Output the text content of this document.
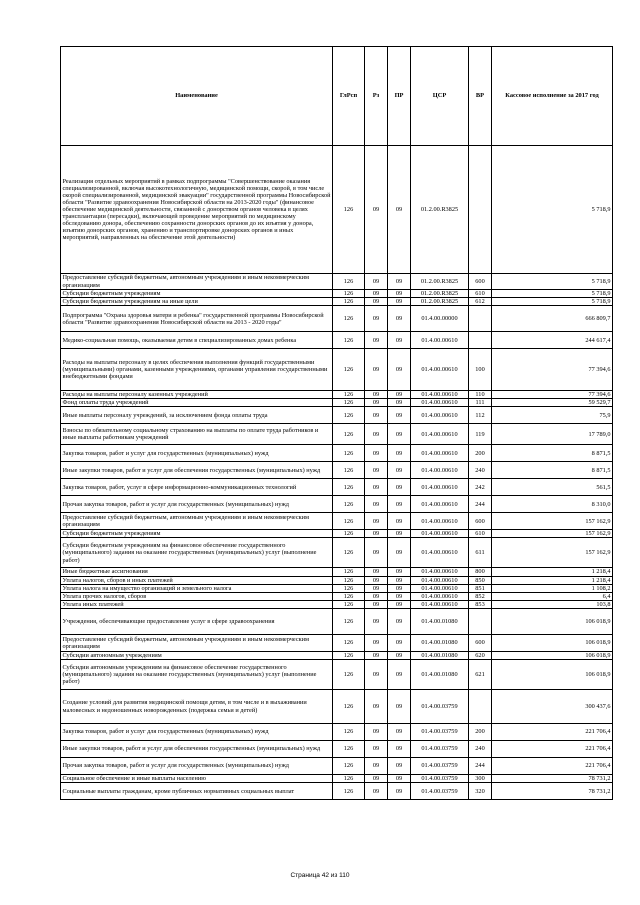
Наименование	ГлРсп	Рз	ПР	ЦСР	ВР	Кассовое исполнение за 2017 год
Реализация отдельных мероприятий в рамках подпрограммы "Совершенствование оказания специализированной, включая высокотехнологичную, медицинской помощи, скорой, в том числе скорой специализированной, медицинской эвакуации" государственной программы Новосибирской области "Развитие здравоохранения Новосибирской области на 2013-2020 годы" (финансовое обеспечение медицинской деятельности, связанной с донорством органов человека в целях трансплантации (пересадки), включающей проведение мероприятий по медицинскому обследованию донора, обеспечению сохранности донорских органов до их изъятия у донора, изъятию донорских органов, хранению и транспортировке донорских органов и иных мероприятий, направленных на обеспечение этой деятельности)	126	09	09	01.2.00.R3825		5 718,9
Предоставление субсидий бюджетным, автономным учреждениям и иным некоммерческим организациям	126	09	09	01.2.00.R3825	600	5 718,9
Субсидии бюджетным учреждениям	126	09	09	01.2.00.R3825	610	5 718,9
Субсидии бюджетным учреждениям на иные цели	126	09	09	01.2.00.R3825	612	5 718,9
Подпрограмма "Охрана здоровья матери и ребенка" государственной программы Новосибирской области "Развитие здравоохранения Новосибирской области на 2013 - 2020 годы"	126	09	09	01.4.00.00000		666 809,7
Медико-социальная помощь, оказываемая детям в специализированных домах ребенка	126	09	09	01.4.00.00610		244 617,4
Расходы на выплаты персоналу в целях обеспечения выполнения функций государственными (муниципальными) органами, казенными учреждениями, органами управления государственными внебюджетными фондами	126	09	09	01.4.00.00610	100	77 394,6
Расходы на выплаты персоналу казенных учреждений	126	09	09	01.4.00.00610	110	77 394,6
Фонд оплаты труда учреждений	126	09	09	01.4.00.00610	111	59 529,7
Иные выплаты персоналу учреждений, за исключением фонда оплаты труда	126	09	09	01.4.00.00610	112	75,9
Взносы по обязательному социальному страхованию на выплаты по оплате труда работников и иные выплаты работникам учреждений	126	09	09	01.4.00.00610	119	17 789,0
Закупка товаров, работ и услуг для государственных (муниципальных) нужд	126	09	09	01.4.00.00610	200	8 871,5
Иные закупки товаров, работ и услуг для обеспечения государственных (муниципальных) нужд	126	09	09	01.4.00.00610	240	8 871,5
Закупка товаров, работ, услуг в сфере информационно-коммуникационных технологий	126	09	09	01.4.00.00610	242	561,5
Прочая закупка товаров, работ и услуг для государственных (муниципальных) нужд	126	09	09	01.4.00.00610	244	8 310,0
Предоставление субсидий бюджетным, автономным учреждениям и иным некоммерческим организациям	126	09	09	01.4.00.00610	600	157 162,9
Субсидии бюджетным учреждениям	126	09	09	01.4.00.00610	610	157 162,9
Субсидии бюджетным учреждениям на финансовое обеспечение государственного (муниципального) задания на оказание государственных (муниципальных) услуг (выполнение работ)	126	09	09	01.4.00.00610	611	157 162,9
Иные бюджетные ассигнования	126	09	09	01.4.00.00610	800	1 218,4
Уплата налогов, сборов и иных платежей	126	09	09	01.4.00.00610	850	1 218,4
Уплата налога на имущество организаций и земельного налога	126	09	09	01.4.00.00610	851	1 108,2
Уплата прочих налогов, сборов	126	09	09	01.4.00.00610	852	6,4
Уплата иных платежей	126	09	09	01.4.00.00610	853	103,8
Учреждения, обеспечивающие предоставление услуг в сфере здравоохранения	126	09	09	01.4.00.01080		106 018,9
Предоставление субсидий бюджетным, автономным учреждениям и иным некоммерческим организациям	126	09	09	01.4.00.01080	600	106 018,9
Субсидии автономным учреждениям	126	09	09	01.4.00.01080	620	106 018,9
Субсидии автономным учреждениям на финансовое обеспечение государственного (муниципального) задания на оказание государственных (муниципальных) услуг (выполнение работ)	126	09	09	01.4.00.01080	621	106 018,9
Создание условий для развития медицинской помощи детям, в том числе и в выхаживании маловесных и недоношенных новорожденных (подержка семьи и детей)	126	09	09	01.4.00.03759		300 437,6
Закупка товаров, работ и услуг для государственных (муниципальных) нужд	126	09	09	01.4.00.03759	200	221 706,4
Иные закупки товаров, работ и услуг для обеспечения государственных (муниципальных) нужд	126	09	09	01.4.00.03759	240	221 706,4
Прочая закупка товаров, работ и услуг для государственных (муниципальных) нужд	126	09	09	01.4.00.03759	244	221 706,4
Социальное обеспечение и иные выплаты населению	126	09	09	01.4.00.03759	300	78 731,2
Социальные выплаты гражданам, кроме публичных нормативных социальных выплат	126	09	09	01.4.00.03759	320	78 731,2
Страница 42 из 110
